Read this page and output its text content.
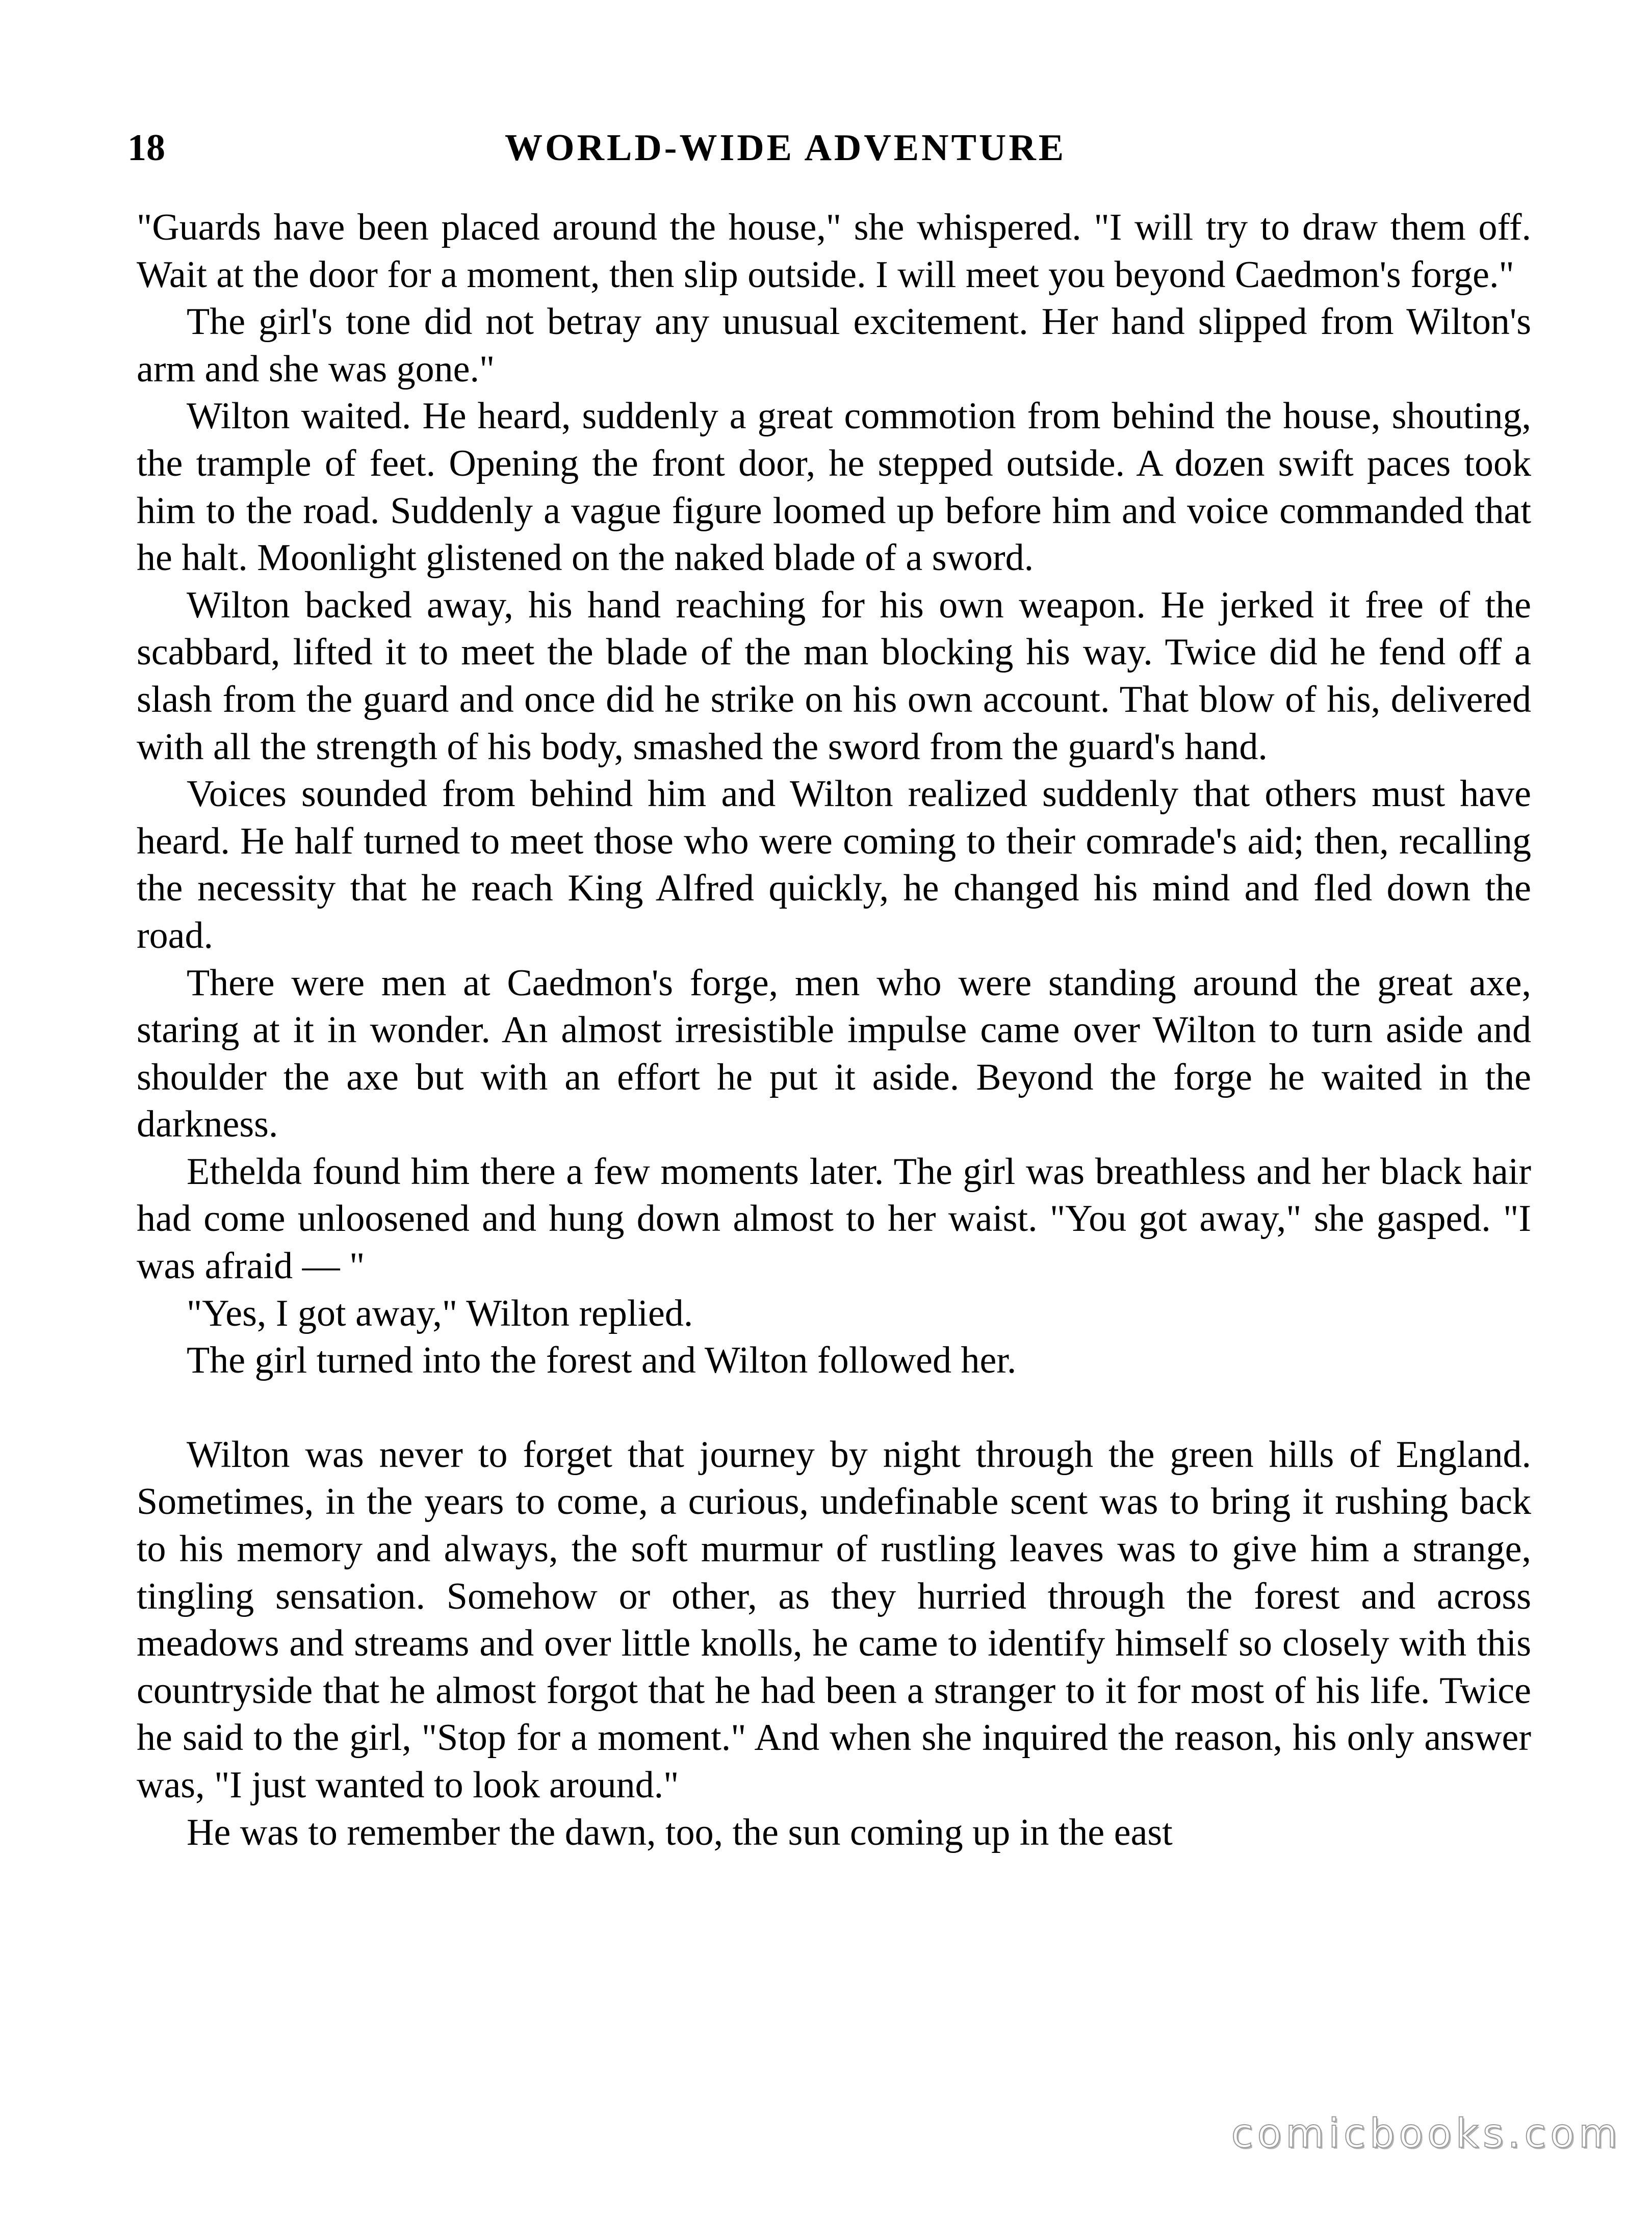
18	WORLD-WIDE ADVENTURE

"Guards have been placed around the house," she whispered. "I will try to draw them off. Wait at the door for a moment, then slip outside. I will meet you beyond Caedmon's forge."

The girl's tone did not betray any unusual excitement. Her hand slipped from Wilton's arm and she was gone."

Wilton waited. He heard, suddenly a great commotion from behind the house, shouting, the trample of feet. Opening the front door, he stepped outside. A dozen swift paces took him to the road. Suddenly a vague figure loomed up before him and voice commanded that he halt. Moonlight glistened on the naked blade of a sword.

Wilton backed away, his hand reaching for his own weapon. He jerked it free of the scabbard, lifted it to meet the blade of the man blocking his way. Twice did he fend off a slash from the guard and once did he strike on his own account. That blow of his, delivered with all the strength of his body, smashed the sword from the guard's hand.

Voices sounded from behind him and Wilton realized suddenly that others must have heard. He half turned to meet those who were coming to their comrade's aid; then, recalling the necessity that he reach King Alfred quickly, he changed his mind and fled down the road.

There were men at Caedmon's forge, men who were standing around the great axe, staring at it in wonder. An almost irresistible impulse came over Wilton to turn aside and shoulder the axe but with an effort he put it aside. Beyond the forge he waited in the darkness.

Ethelda found him there a few moments later. The girl was breathless and her black hair had come unloosened and hung down almost to her waist. "You got away," she gasped. "I was afraid — "

"Yes, I got away," Wilton replied.

The girl turned into the forest and Wilton followed her.

Wilton was never to forget that journey by night through the green hills of England. Sometimes, in the years to come, a curious, undefinable scent was to bring it rushing back to his memory and always, the soft murmur of rustling leaves was to give him a strange, tingling sensation. Somehow or other, as they hurried through the forest and across meadows and streams and over little knolls, he came to identify himself so closely with this countryside that he almost forgot that he had been a stranger to it for most of his life. Twice he said to the girl, "Stop for a moment." And when she inquired the reason, his only answer was, "I just wanted to look around."

He was to remember the dawn, too, the sun coming up in the east

comicbooks.com
